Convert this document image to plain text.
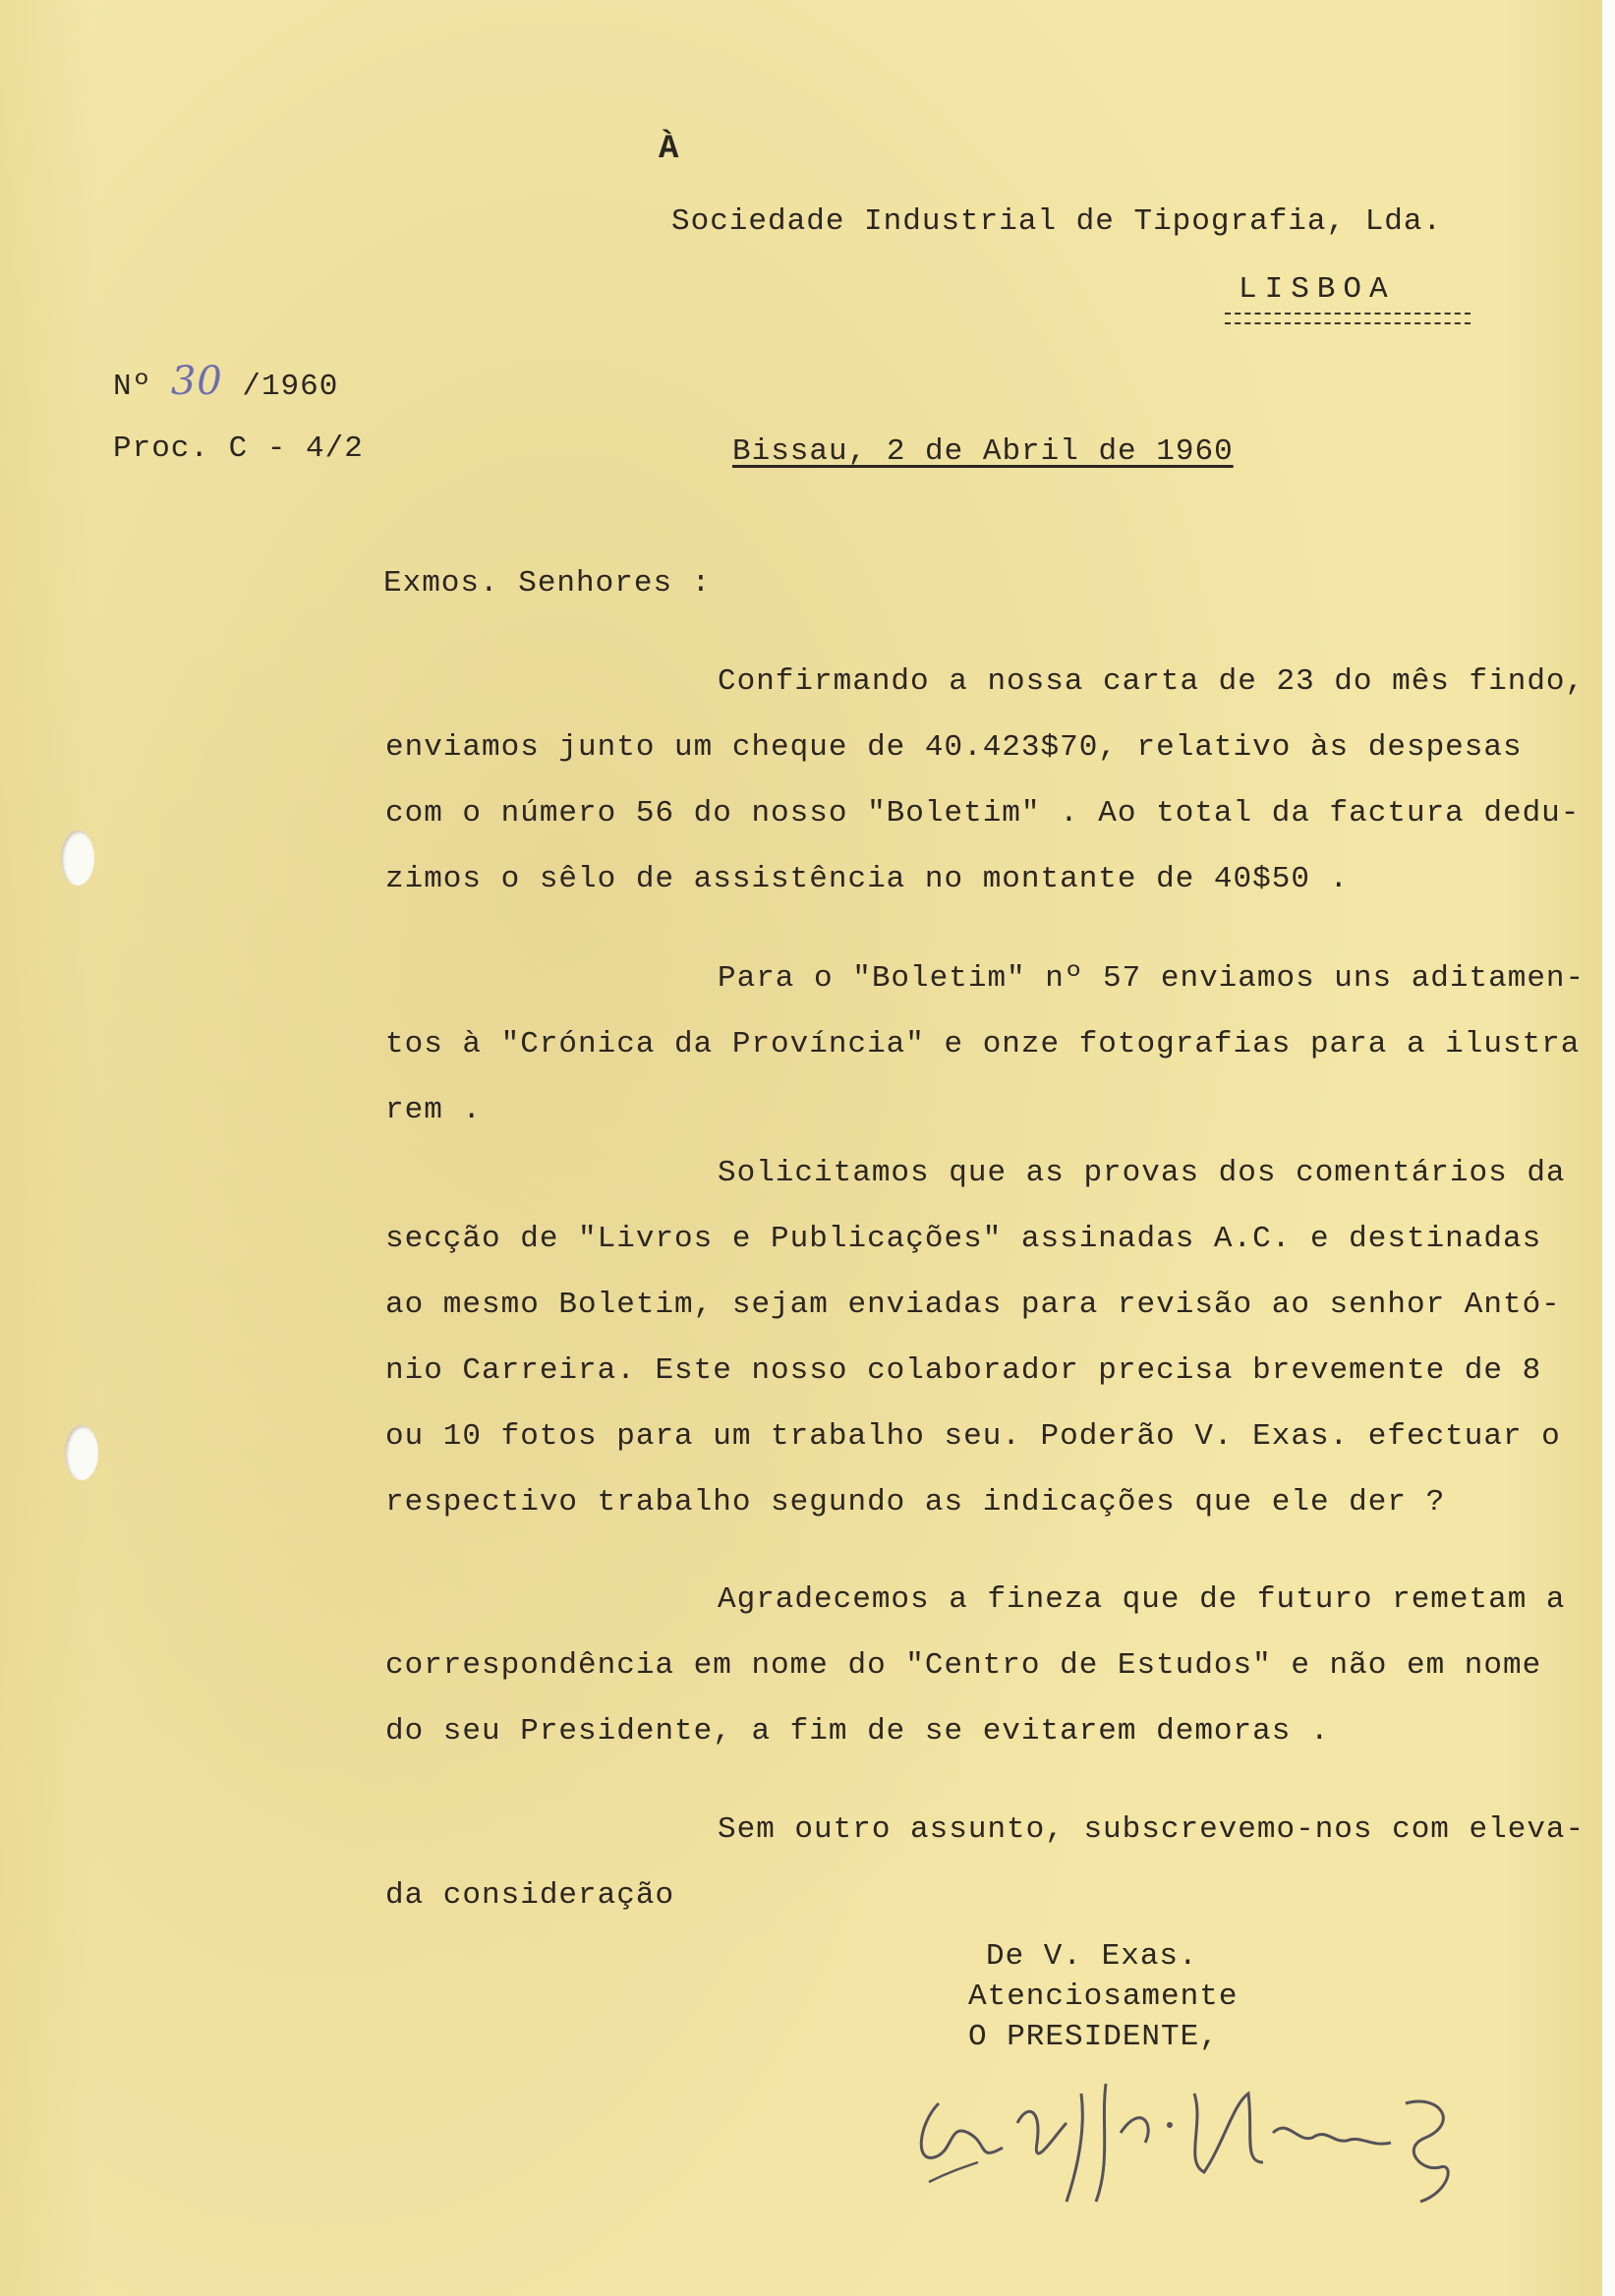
À
Sociedade Industrial de Tipografia, Lda.
LISBOA
Nº 30 /1960
Proc. C - 4/2	Bissau, 2 de Abril de 1960
Exmos. Senhores :
Confirmando a nossa carta de 23 do mês findo,
enviamos junto um cheque de 40.423$70, relativo às despesas
com o número 56 do nosso "Boletim" . Ao total da factura dedu-
zimos o sêlo de assistência no montante de 40$50 .
Para o "Boletim" nº 57 enviamos uns aditamen-
tos à "Crónica da Província" e onze fotografias para a ilustra
rem .
Solicitamos que as provas dos comentários da
secção de "Livros e Publicações" assinadas A.C. e destinadas
ao mesmo Boletim, sejam enviadas para revisão ao senhor Antó-
nio Carreira. Este nosso colaborador precisa brevemente de 8
ou 10 fotos para um trabalho seu. Poderão V. Exas. efectuar o
respectivo trabalho segundo as indicações que ele der ?
Agradecemos a fineza que de futuro remetam a
correspondência em nome do "Centro de Estudos" e não em nome
do seu Presidente, a fim de se evitarem demoras .
Sem outro assunto, subscrevemo-nos com eleva-
da consideração
De V. Exas.
Atenciosamente
O PRESIDENTE,
